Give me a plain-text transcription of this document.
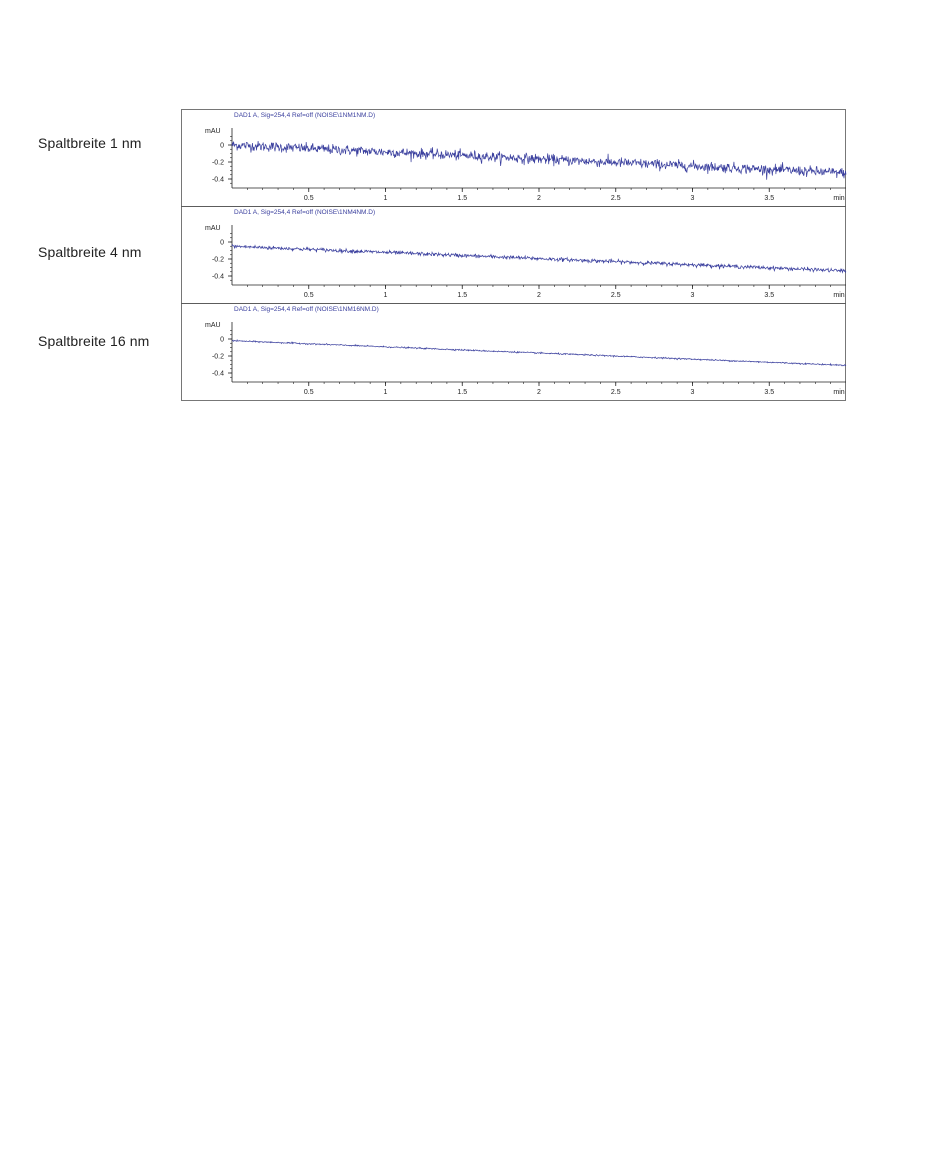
Spaltbreite 1 nm
Spaltbreite 4 nm
Spaltbreite 16 nm
DAD1 A, Sig=254,4 Ref=off (NOISE\1NM1NM.D)
mAU
0
-0.2
-0.4
0.5	1	1.5	2	2.5	3	3.5	min
DAD1 A, Sig=254,4 Ref=off (NOISE\1NM4NM.D)
mAU
0
-0.2
-0.4
0.5	1	1.5	2	2.5	3	3.5	min
DAD1 A, Sig=254,4 Ref=off (NOISE\1NM16NM.D)
mAU
0
-0.2
-0.4
0.5	1	1.5	2	2.5	3	3.5	min
